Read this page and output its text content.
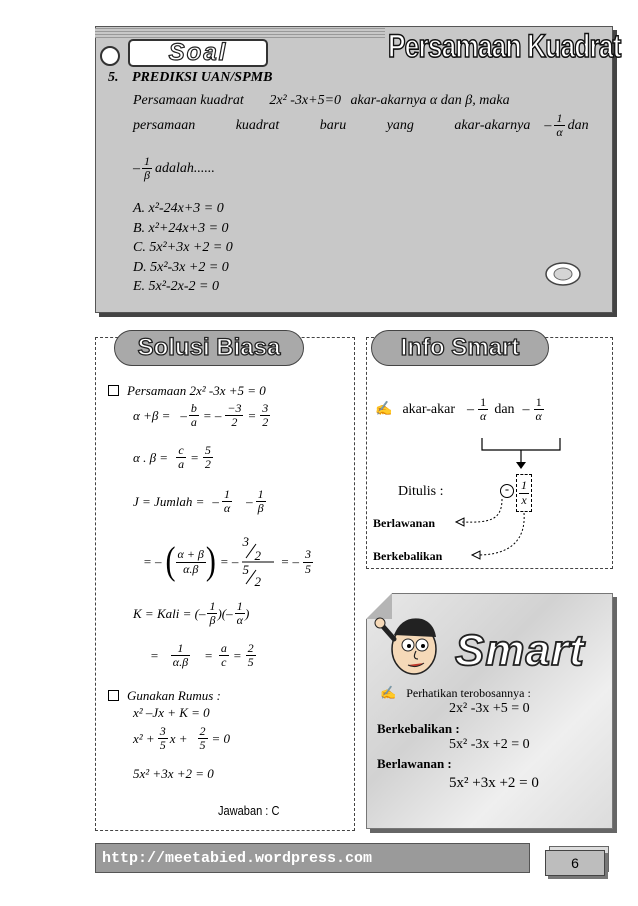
Soal	Persamaan Kuadrat
5. PREDIKSI UAN/SPMB
Persamaan kuadrat 2x² -3x+5=0 akar-akarnya α dan β, maka
persamaan kuadrat baru yang akar-akarnya – $\frac{1}{\alpha}$ dan
– $\frac{1}{\beta}$ adalah......
A. x²-24x+3 = 0
B. x²+24x+3 = 0
C. 5x²+3x +2 = 0
D. 5x²-3x +2 = 0
E. 5x²-2x-2 = 0
Solusi Biasa
Persamaan 2x² -3x +5 = 0
α +β = – $\frac{b}{a}$ = – $\frac{-3}{2} = \frac{3}{2}$
α . $\beta = \frac{c}{a} = \frac{5}{2}$
J = Jumlah = – $\frac{1}{\alpha} - \frac{1}{\beta}$
= – ( $\frac{\alpha + \beta}{\alpha.\beta}$ ) = –
3
2
5
2
= – $\frac{3}{5}$
K = Kali = ( – $\frac{1}{\beta}$ )( – $\frac{1}{\alpha}$ )
= $\frac{1}{\alpha.\beta} = \frac{a}{c} = \frac{2}{5}$
Gunakan Rumus :
x² –Jx + K = 0
$x^2 + \frac{3}{5}$ $x + \frac{2}{5} = 0$
5x² +3x +2 = 0
Jawaban : C
Info Smart
✍ akar-akar – $\frac{1}{\alpha}$ dan – $\frac{1}{\alpha}$
Ditulis :	- $\frac{1}{x}$
Berlawanan
Berkebalikan
Smart
✍ Perhatikan terobosannya :
2x² -3x +5 = 0
Berkebalikan :
5x² -3x +2 = 0
Berlawanan :
5x² +3x +2 = 0
http://meetabied.wordpress.com	6
